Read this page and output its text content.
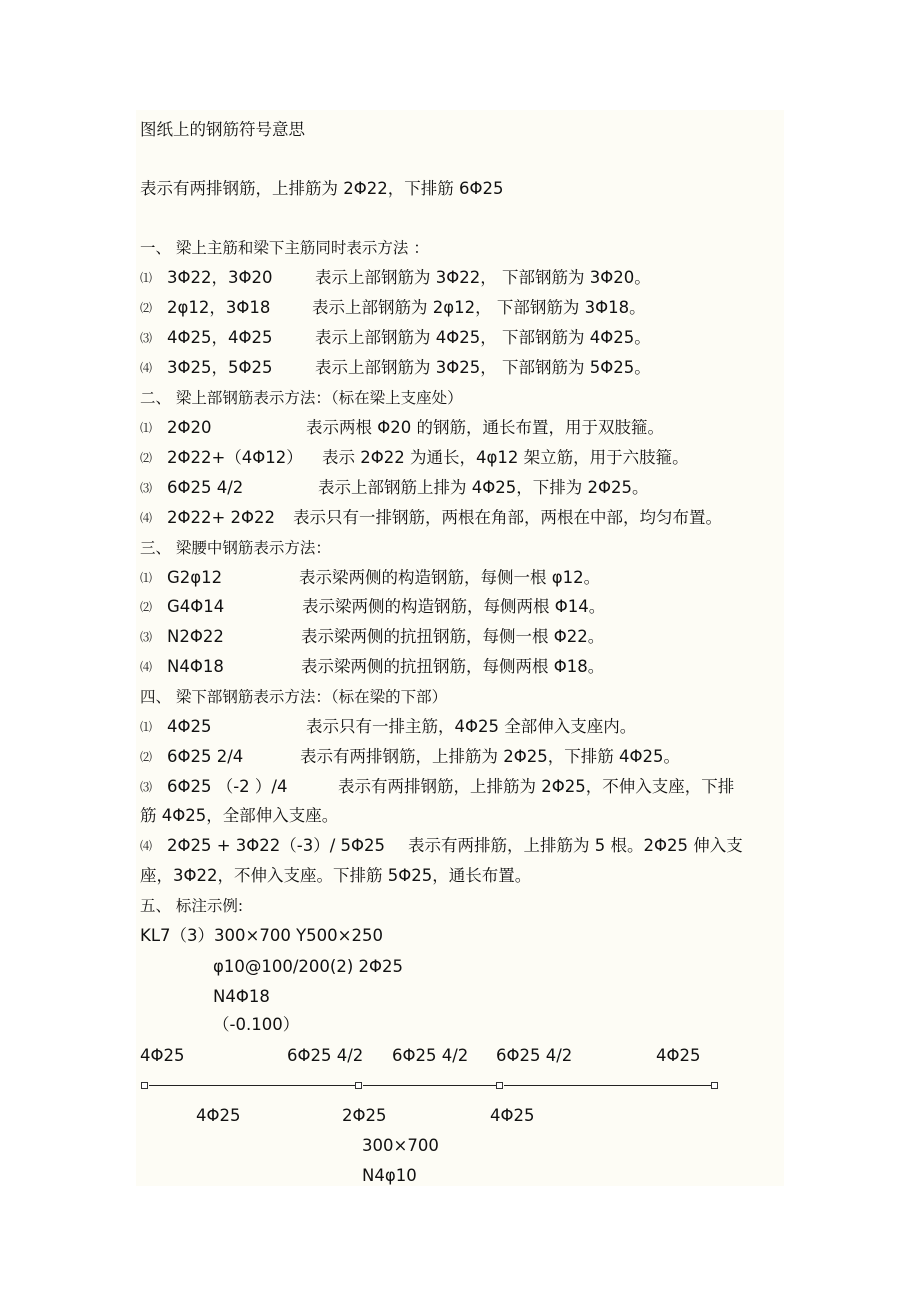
图纸上的钢筋符号意思
表示有两排钢筋，上排筋为 2Φ22，下排筋 6Φ25
一、 梁上主筋和梁下主筋同时表示方法 ：
⑴ 3Φ22，3Φ20	表示上部钢筋为 3Φ22， 下部钢筋为 3Φ20。
⑵ 2φ12，3Φ18	表示上部钢筋为 2φ12， 下部钢筋为 3Φ18。
⑶ 4Φ25，4Φ25	表示上部钢筋为 4Φ25， 下部钢筋为 4Φ25。
⑷ 3Φ25，5Φ25	表示上部钢筋为 3Φ25， 下部钢筋为 5Φ25。
二、 梁上部钢筋表示方法：（标在梁上支座处）
⑴ 2Φ20	表示两根 Φ20 的钢筋，通长布置，用于双肢箍。
⑵ 2Φ22+（4Φ12） 表示 2Φ22 为通长，4φ12 架立筋，用于六肢箍。
⑶ 6Φ25 4/2	表示上部钢筋上排为 4Φ25，下排为 2Φ25。
⑷ 2Φ22+ 2Φ22 表示只有一排钢筋，两根在角部，两根在中部，均匀布置。
三、 梁腰中钢筋表示方法：
⑴ G2φ12	表示梁两侧的构造钢筋，每侧一根 φ12。
⑵ G4Φ14	表示梁两侧的构造钢筋，每侧两根 Φ14。
⑶ N2Φ22	表示梁两侧的抗扭钢筋，每侧一根 Φ22。
⑷ N4Φ18	表示梁两侧的抗扭钢筋，每侧两根 Φ18。
四、 梁下部钢筋表示方法：（标在梁的下部）
⑴ 4Φ25	表示只有一排主筋，4Φ25 全部伸入支座内。
⑵ 6Φ25 2/4	表示有两排钢筋，上排筋为 2Φ25，下排筋 4Φ25。
⑶ 6Φ25 （-2 ）/4	表示有两排钢筋，上排筋为 2Φ25，不伸入支座，下排
筋 4Φ25，全部伸入支座。
⑷ 2Φ25 + 3Φ22（-3）/ 5Φ25 表示有两排筋，上排筋为 5 根。2Φ25 伸入支
座，3Φ22，不伸入支座。下排筋 5Φ25，通长布置。
五、 标注示例:
KL7（3）300×700 Y500×250
φ10@100/200(2) 2Φ25
N4Φ18
（-0.100）
4Φ25	6Φ25 4/2 6Φ25 4/2 6Φ25 4/2	4Φ25
4Φ25	2Φ25	4Φ25
300×700
N4φ10
